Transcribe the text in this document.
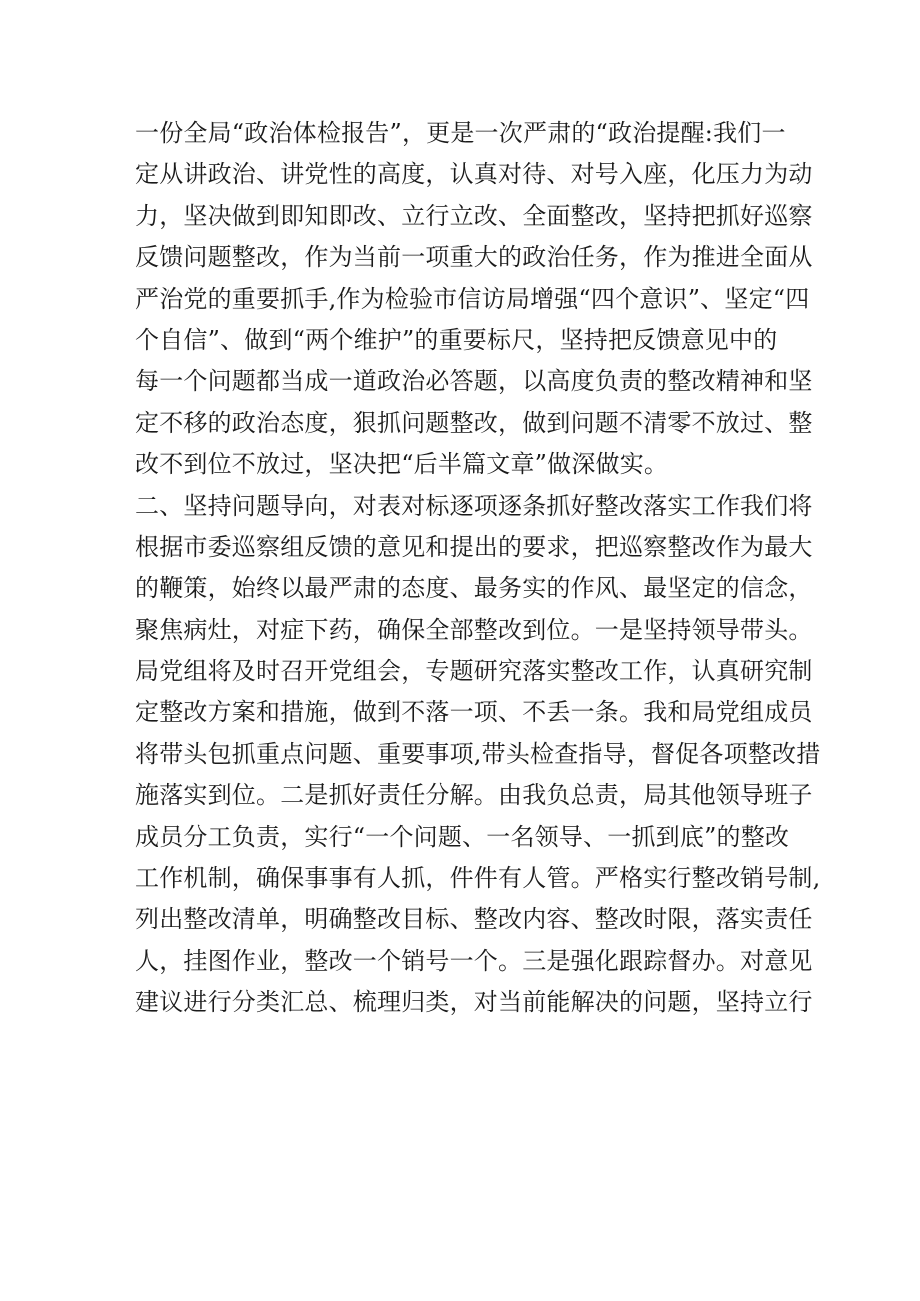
一份全局“政治体检报告”，更是一次严肃的“政治提醒:我们一
定从讲政治、讲党性的高度，认真对待、对号入座，化压力为动
力，坚决做到即知即改、立行立改、全面整改，坚持把抓好巡察
反馈问题整改，作为当前一项重大的政治任务，作为推进全面从
严治党的重要抓手,作为检验市信访局增强“四个意识”、坚定“四
个自信”、做到“两个维护”的重要标尺，坚持把反馈意见中的
每一个问题都当成一道政治必答题，以高度负责的整改精神和坚
定不移的政治态度，狠抓问题整改，做到问题不清零不放过、整
改不到位不放过，坚决把“后半篇文章”做深做实。
二、坚持问题导向，对表对标逐项逐条抓好整改落实工作我们将
根据市委巡察组反馈的意见和提出的要求，把巡察整改作为最大
的鞭策，始终以最严肃的态度、最务实的作风、最坚定的信念，
聚焦病灶，对症下药，确保全部整改到位。一是坚持领导带头。
局党组将及时召开党组会，专题研究落实整改工作，认真研究制
定整改方案和措施，做到不落一项、不丢一条。我和局党组成员
将带头包抓重点问题、重要事项,带头检查指导，督促各项整改措
施落实到位。二是抓好责任分解。由我负总责，局其他领导班子
成员分工负责，实行“一个问题、一名领导、一抓到底”的整改
工作机制，确保事事有人抓，件件有人管。严格实行整改销号制,
列出整改清单，明确整改目标、整改内容、整改时限，落实责任
人，挂图作业，整改一个销号一个。三是强化跟踪督办。对意见
建议进行分类汇总、梳理归类，对当前能解决的问题，坚持立行
